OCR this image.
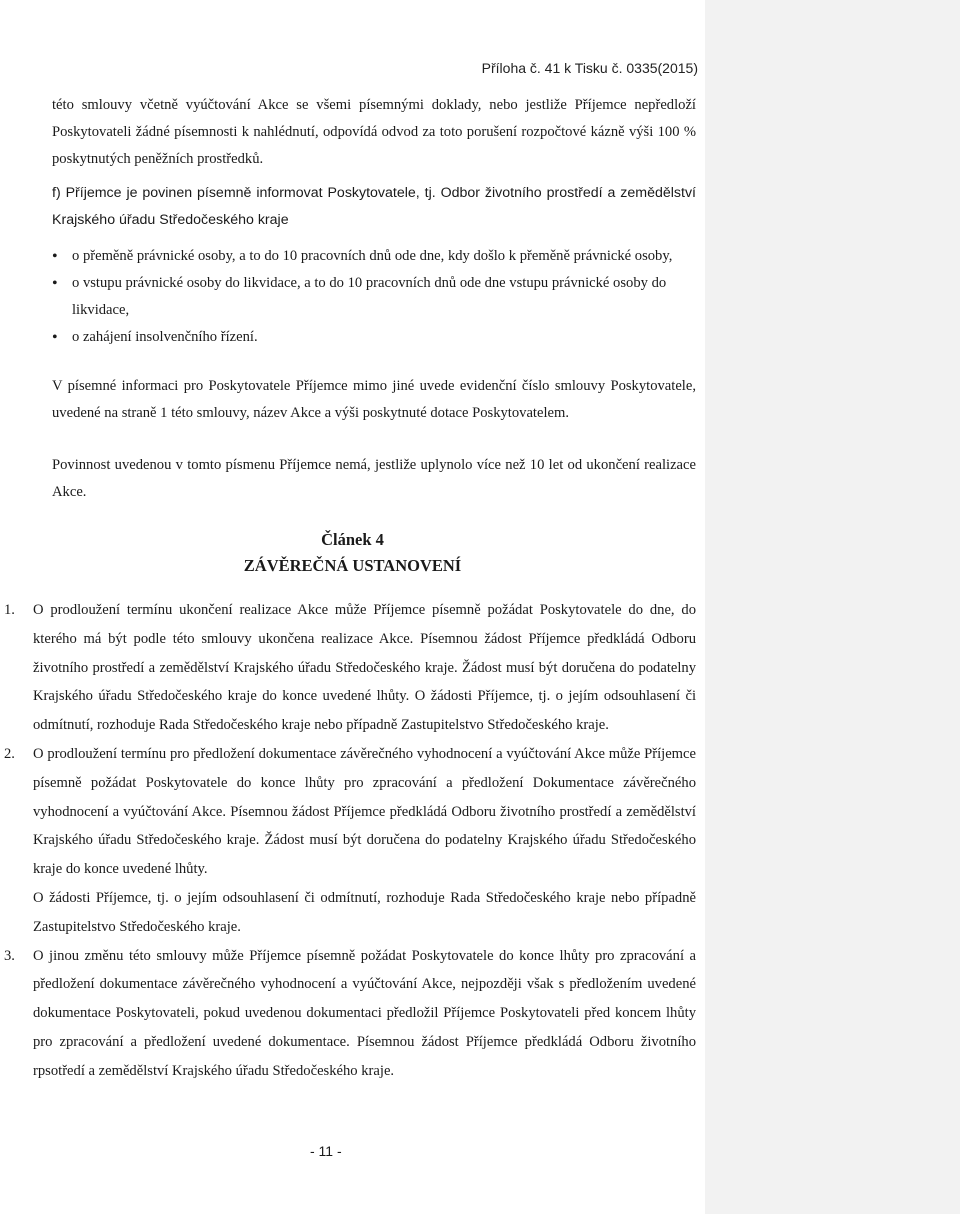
Příloha č. 41 k Tisku č. 0335(2015)

této smlouvy včetně vyúčtování Akce se všemi písemnými doklady, nebo jestliže Příjemce nepředloží Poskytovateli žádné písemnosti k nahlédnutí, odpovídá odvod za toto porušení rozpočtové kázně výši 100 % poskytnutých peněžních prostředků.

f) Příjemce je povinen písemně informovat Poskytovatele, tj. Odbor životního prostředí a zemědělství Krajského úřadu Středočeského kraje

• o přeměně právnické osoby, a to do 10 pracovních dnů ode dne, kdy došlo k přeměně právnické osoby,
• o vstupu právnické osoby do likvidace, a to do 10 pracovních dnů ode dne vstupu právnické osoby do likvidace,
• o zahájení insolvenčního řízení.

V písemné informaci pro Poskytovatele Příjemce mimo jiné uvede evidenční číslo smlouvy Poskytovatele, uvedené na straně 1 této smlouvy, název Akce a výši poskytnuté dotace Poskytovatelem.

Povinnost uvedenou v tomto písmenu Příjemce nemá, jestliže uplynolo více než 10 let od ukončení realizace Akce.

Článek 4
ZÁVĚREČNÁ USTANOVENÍ
1. O prodloužení termínu ukončení realizace Akce může Příjemce písemně požádat Poskytovatele do dne, do kterého má být podle této smlouvy ukončena realizace Akce. Písemnou žádost Příjemce předkládá Odboru životního prostředí a zemědělství Krajského úřadu Středočeského kraje. Žádost musí být doručena do podatelny Krajského úřadu Středočeského kraje do konce uvedené lhůty. O žádosti Příjemce, tj. o jejím odsouhlasení či odmítnutí, rozhoduje Rada Středočeského kraje nebo případně Zastupitelstvo Středočeského kraje.
2. O prodloužení termínu pro předložení dokumentace závěrečného vyhodnocení a vyúčtování Akce může Příjemce písemně požádat Poskytovatele do konce lhůty pro zpracování a předložení Dokumentace závěrečného vyhodnocení a vyúčtování Akce. Písemnou žádost Příjemce předkládá Odboru životního prostředí a zemědělství Krajského úřadu Středočeského kraje. Žádost musí být doručena do podatelny Krajského úřadu Středočeského kraje do konce uvedené lhůty.
O žádosti Příjemce, tj. o jejím odsouhlasení či odmítnutí, rozhoduje Rada Středočeského kraje nebo případně Zastupitelstvo Středočeského kraje.
3. O jinou změnu této smlouvy může Příjemce písemně požádat Poskytovatele do konce lhůty pro zpracování a předložení dokumentace závěrečného vyhodnocení a vyúčtování Akce, nejpozději však s předložením uvedené dokumentace Poskytovateli, pokud uvedenou dokumentaci předložil Příjemce Poskytovateli před koncem lhůty pro zpracování a předložení uvedené dokumentace. Písemnou žádost Příjemce předkládá Odboru životního rpsotředí a zemědělství Krajského úřadu Středočeského kraje.
- 11 -
